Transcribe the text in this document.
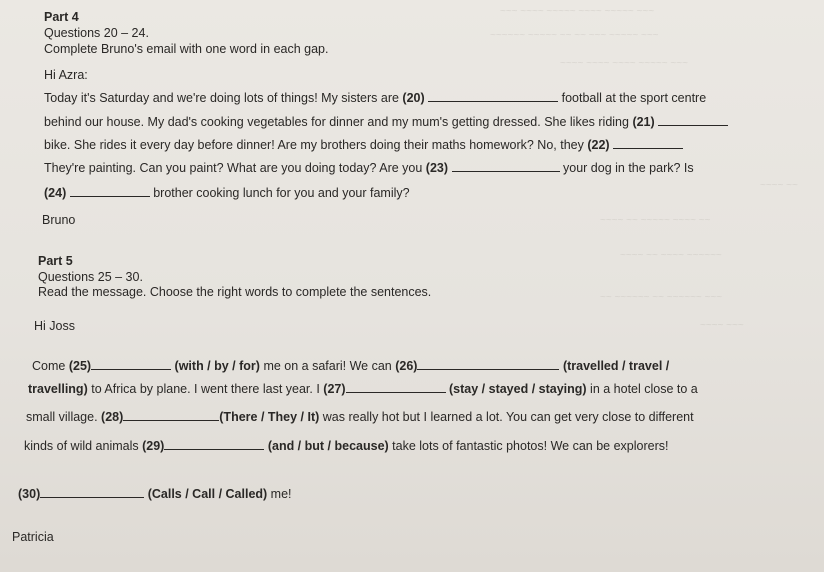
~~~ ~~~~ ~~~~~ ~~~~ ~~~~~ ~~~
~~~~~~ ~~~~~ ~~ ~~ ~~~ ~~~~~ ~~~
~~~~ ~~~~ ~~~~ ~~~~~ ~~~
~~~~ ~~
~~~~ ~~ ~~~~~ ~~~~ ~~
~~~~ ~~ ~~~~ ~~~~~~
~~ ~~~~~~ ~~ ~~~~~~ ~~~
~~~~ ~~~
Part 4
Questions 20 – 24.
Complete Bruno's email with one word in each gap.
Hi Azra:
Today it's Saturday and we're doing lots of things! My sisters are (20)	football at the sport centre
behind our house. My dad's cooking vegetables for dinner and my mum's getting dressed. She likes riding (21)
bike. She rides it every day before dinner! Are my brothers doing their maths homework? No, they (22)
They're painting. Can you paint? What are you doing today? Are you (23)	your dog in the park? Is
(24)	brother cooking lunch for you and your family?
Bruno
Part 5
Questions 25 – 30.
Read the message. Choose the right words to complete the sentences.
Hi Joss
Come (25)	(with / by / for) me on a safari! We can (26)	(travelled / travel /
travelling) to Africa by plane. I went there last year. I (27)	(stay / stayed / staying) in a hotel close to a
small village. (28)	(There / They / It) was really hot but I learned a lot. You can get very close to different
kinds of wild animals (29)	(and / but / because) take lots of fantastic photos! We can be explorers!
(30)	(Calls / Call / Called) me!
Patricia
